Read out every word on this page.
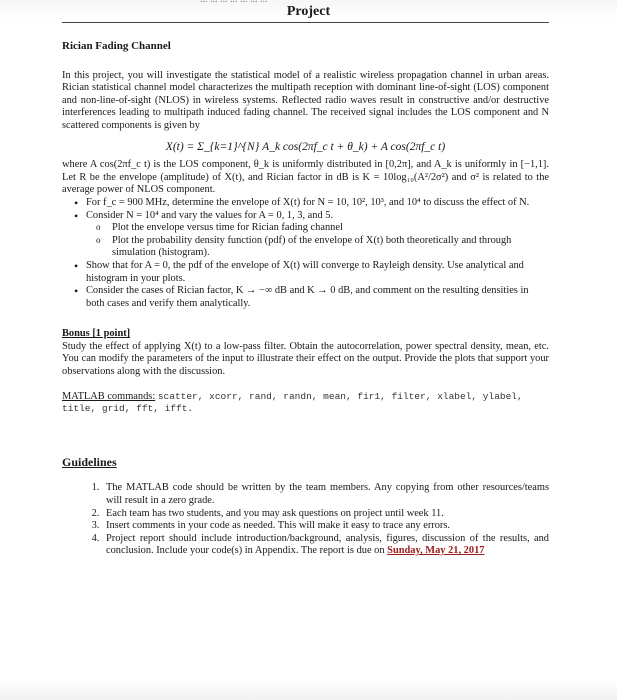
Project
Rician Fading Channel

In this project, you will investigate the statistical model of a realistic wireless propagation channel in urban areas. Rician statistical channel model characterizes the multipath reception with dominant line-of-sight (LOS) component and non-line-of-sight (NLOS) in wireless systems. Reflected radio waves result in constructive and/or destructive interferences leading to multipath induced fading channel. The received signal includes the LOS component and N scattered components is given by

X(t) = Σ_{k=1}^{N} A_k cos(2πf_c t + θ_k) + A cos(2πf_c t)

where A cos(2πf_c t) is the LOS component, θ_k is uniformly distributed in [0,2π], and A_k is uniformly in [−1,1]. Let R be the envelope (amplitude) of X(t), and Rician factor in dB is K = 10log₁₀(A²/2σ²) and σ² is related to the average power of NLOS component.

• For f_c = 900 MHz, determine the envelope of X(t) for N = 10, 10², 10³, and 10⁴ to discuss the effect of N.
• Consider N = 10⁴ and vary the values for A = 0, 1, 3, and 5.
o Plot the envelope versus time for Rician fading channel
o Plot the probability density function (pdf) of the envelope of X(t) both theoretically and through simulation (histogram).
• Show that for A = 0, the pdf of the envelope of X(t) will converge to Rayleigh density. Use analytical and histogram in your plots.
• Consider the cases of Rician factor, K → −∞ dB and K → 0 dB, and comment on the resulting densities in both cases and verify them analytically.
Bonus [1 point]

Study the effect of applying X(t) to a low-pass filter. Obtain the autocorrelation, power spectral density, mean, etc. You can modify the parameters of the input to illustrate their effect on the output. Provide the plots that support your observations along with the discussion.

MATLAB commands: scatter, xcorr, rand, randn, mean, fir1, filter, xlabel, ylabel, title, grid, fft, ifft.
Guidelines
1. The MATLAB code should be written by the team members. Any copying from other resources/teams will result in a zero grade.
2. Each team has two students, and you may ask questions on project until week 11.
3. Insert comments in your code as needed. This will make it easy to trace any errors.
4. Project report should include introduction/background, analysis, figures, discussion of the results, and conclusion. Include your code(s) in Appendix. The report is due on Sunday, May 21, 2017
